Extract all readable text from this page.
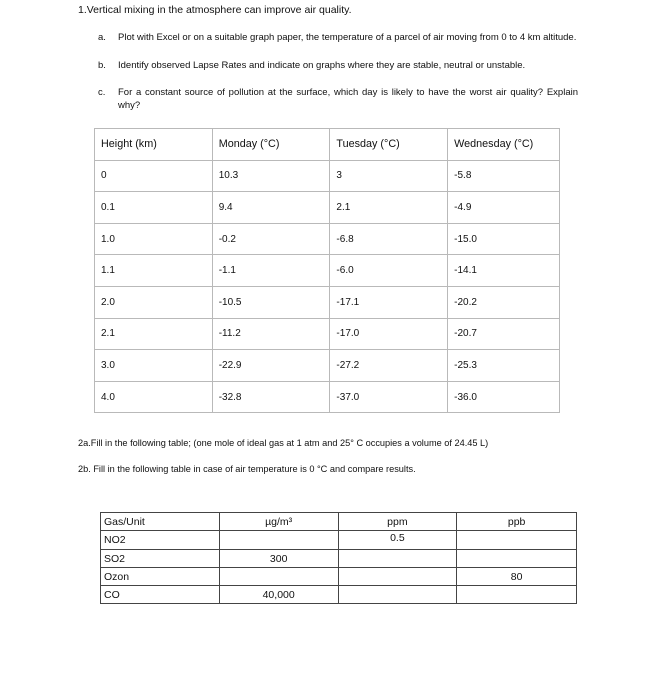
1.Vertical mixing in the atmosphere can improve air quality.
a. Plot with Excel or on a suitable graph paper, the temperature of a parcel of air moving from 0 to 4 km altitude.
b. Identify observed Lapse Rates and indicate on graphs where they are stable, neutral or unstable.
c. For a constant source of pollution at the surface, which day is likely to have the worst air quality? Explain why?
Height (km)	Monday (°C)	Tuesday (°C)	Wednesday (°C)
0	10.3	3	-5.8
0.1	9.4	2.1	-4.9
1.0	-0.2	-6.8	-15.0
1.1	-1.1	-6.0	-14.1
2.0	-10.5	-17.1	-20.2
2.1	-11.2	-17.0	-20.7
3.0	-22.9	-27.2	-25.3
4.0	-32.8	-37.0	-36.0
2a.Fill in the following table; (one mole of ideal gas at 1 atm and 25° C occupies a volume of 24.45 L)
2b. Fill in the following table in case of air temperature is 0 °C and compare results.
Gas/Unit	µg/m³	ppm	ppb
NO2		0.5	
SO2	300		
Ozon			80
CO	40,000		
